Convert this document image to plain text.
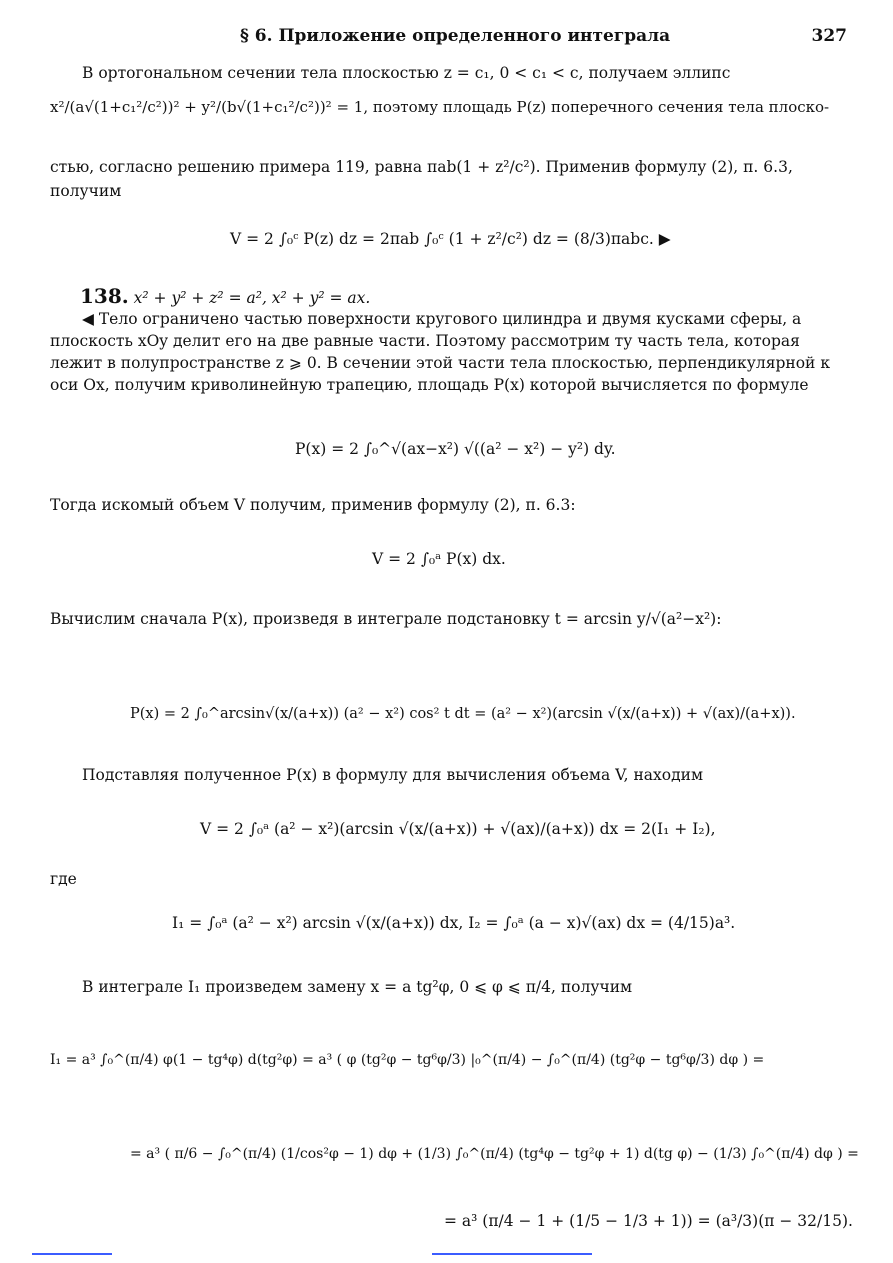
§ 6. Приложение определенного интеграла	327
В ортогональном сечении тела плоскостью z = c₁, 0 < c₁ < c, получаем эллипс
x²/(a√(1+c₁²/c²))² + y²/(b√(1+c₁²/c²))² = 1, поэтому площадь P(z) поперечного сечения тела плоско-
стью, согласно решению примера 119, равна πab(1 + z²/c²). Применив формулу (2), п. 6.3,
получим
V = 2 ∫₀ᶜ P(z) dz = 2πab ∫₀ᶜ (1 + z²/c²) dz = (8/3)πabc. ▶
138. x² + y² + z² = a², x² + y² = ax.
◀ Тело ограничено частью поверхности кругового цилиндра и двумя кусками сферы, а
плоскость xOy делит его на две равные части. Поэтому рассмотрим ту часть тела, которая
лежит в полупространстве z ⩾ 0. В сечении этой части тела плоскостью, перпендикулярной к
оси Ox, получим криволинейную трапецию, площадь P(x) которой вычисляется по формуле
P(x) = 2 ∫₀^√(ax−x²) √((a² − x²) − y²) dy.
Тогда искомый объем V получим, применив формулу (2), п. 6.3:
V = 2 ∫₀ᵃ P(x) dx.
Вычислим сначала P(x), произведя в интеграле подстановку t = arcsin y/√(a²−x²):
P(x) = 2 ∫₀^arcsin√(x/(a+x)) (a² − x²) cos² t dt = (a² − x²)(arcsin √(x/(a+x)) + √(ax)/(a+x)).
Подставляя полученное P(x) в формулу для вычисления объема V, находим
V = 2 ∫₀ᵃ (a² − x²)(arcsin √(x/(a+x)) + √(ax)/(a+x)) dx = 2(I₁ + I₂),
где
I₁ = ∫₀ᵃ (a² − x²) arcsin √(x/(a+x)) dx, I₂ = ∫₀ᵃ (a − x)√(ax) dx = (4/15)a³.
В интеграле I₁ произведем замену x = a tg²φ, 0 ⩽ φ ⩽ π/4, получим
I₁ = a³ ∫₀^(π/4) φ(1 − tg⁴φ) d(tg²φ) = a³ ( φ (tg²φ − tg⁶φ/3) |₀^(π/4) − ∫₀^(π/4) (tg²φ − tg⁶φ/3) dφ ) =
= a³ ( π/6 − ∫₀^(π/4) (1/cos²φ − 1) dφ + (1/3) ∫₀^(π/4) (tg⁴φ − tg²φ + 1) d(tg φ) − (1/3) ∫₀^(π/4) dφ ) =
= a³ (π/4 − 1 + (1/5 − 1/3 + 1)) = (a³/3)(π − 32/15).
